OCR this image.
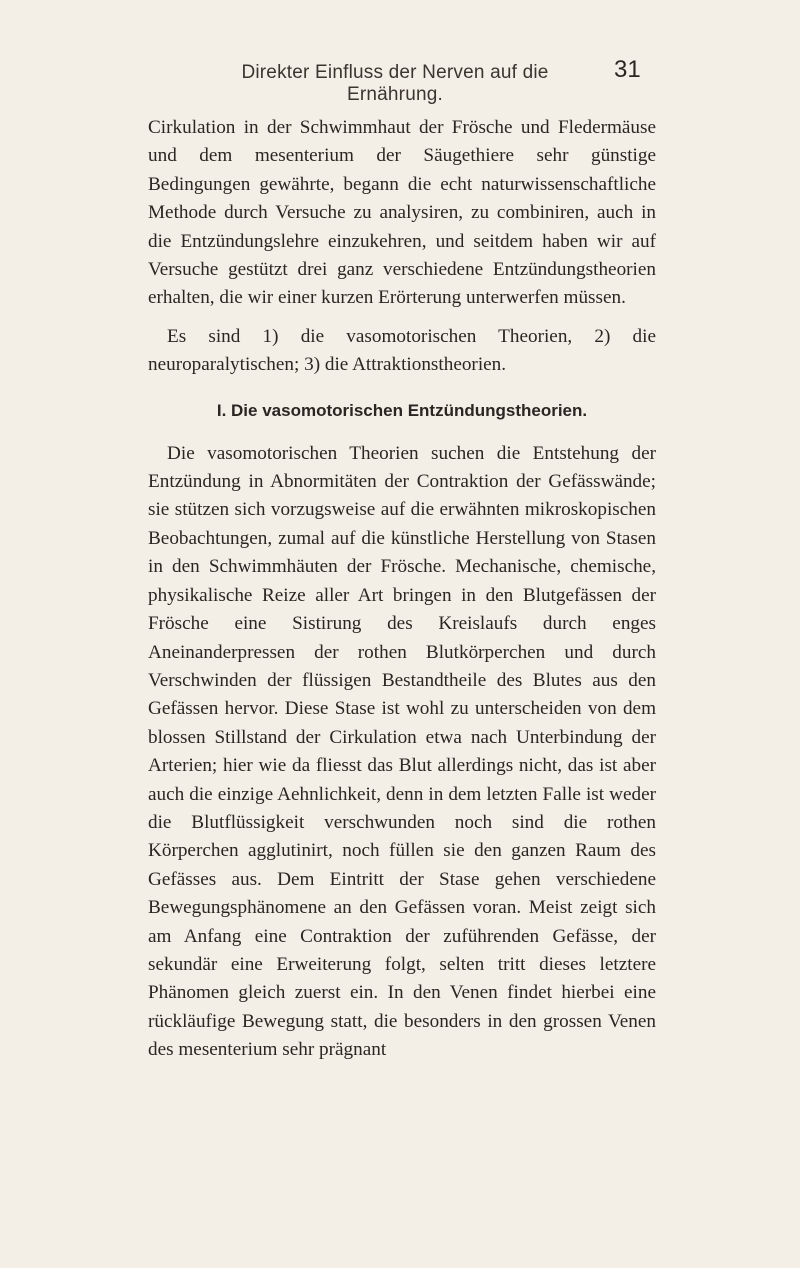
Direkter Einfluss der Nerven auf die Ernährung.
31

Cirkulation in der Schwimmhaut der Frösche und Fledermäuse und dem mesenterium der Säugethiere sehr günstige Bedingungen gewährte, begann die echt naturwissenschaftliche Methode durch Versuche zu analysiren, zu combiniren, auch in die Entzündungslehre einzukehren, und seitdem haben wir auf Versuche gestützt drei ganz verschiedene Entzündungstheorien erhalten, die wir einer kurzen Erörterung unterwerfen müssen.

Es sind 1) die vasomotorischen Theorien, 2) die neuroparalytischen; 3) die Attraktionstheorien.

I. Die vasomotorischen Entzündungstheorien.

Die vasomotorischen Theorien suchen die Entstehung der Entzündung in Abnormitäten der Contraktion der Gefässwände; sie stützen sich vorzugsweise auf die erwähnten mikroskopischen Beobachtungen, zumal auf die künstliche Herstellung von Stasen in den Schwimmhäuten der Frösche. Mechanische, chemische, physikalische Reize aller Art bringen in den Blutgefässen der Frösche eine Sistirung des Kreislaufs durch enges Aneinanderpressen der rothen Blutkörperchen und durch Verschwinden der flüssigen Bestandtheile des Blutes aus den Gefässen hervor. Diese Stase ist wohl zu unterscheiden von dem blossen Stillstand der Cirkulation etwa nach Unterbindung der Arterien; hier wie da fliesst das Blut allerdings nicht, das ist aber auch die einzige Aehnlichkeit, denn in dem letzten Falle ist weder die Blutflüssigkeit verschwunden noch sind die rothen Körperchen agglutinirt, noch füllen sie den ganzen Raum des Gefässes aus. Dem Eintritt der Stase gehen verschiedene Bewegungsphänomene an den Gefässen voran. Meist zeigt sich am Anfang eine Contraktion der zuführenden Gefässe, der sekundär eine Erweiterung folgt, selten tritt dieses letztere Phänomen gleich zuerst ein. In den Venen findet hierbei eine rückläufige Bewegung statt, die besonders in den grossen Venen des mesenterium sehr prägnant
